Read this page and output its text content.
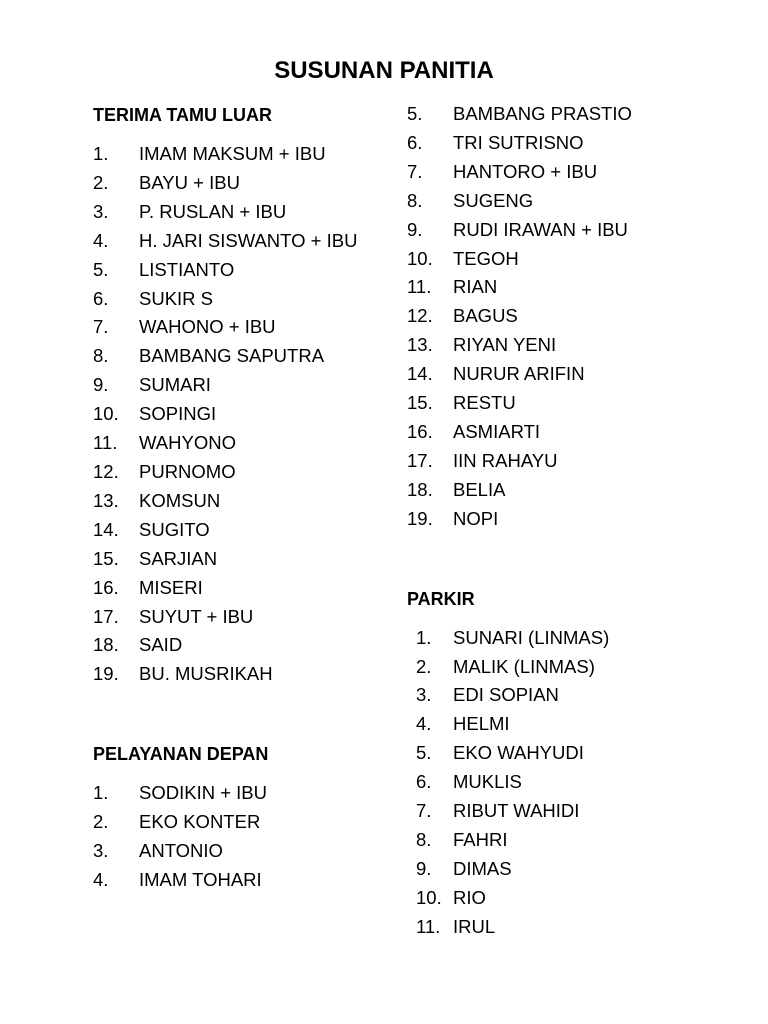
SUSUNAN PANITIA
TERIMA TAMU LUAR
1.	IMAM MAKSUM + IBU
2.	BAYU + IBU
3.	P. RUSLAN + IBU
4.	H. JARI SISWANTO + IBU
5.	LISTIANTO
6.	SUKIR S
7.	WAHONO + IBU
8.	BAMBANG SAPUTRA
9.	SUMARI
10.	SOPINGI
11.	WAHYONO
12.	PURNOMO
13.	KOMSUN
14.	SUGITO
15.	SARJIAN
16.	MISERI
17.	SUYUT + IBU
18.	SAID
19.	BU. MUSRIKAH
PELAYANAN DEPAN
1.	SODIKIN + IBU
2.	EKO KONTER
3.	ANTONIO
4.	IMAM TOHARI
5.	BAMBANG PRASTIO
6.	TRI SUTRISNO
7.	HANTORO + IBU
8.	SUGENG
9.	RUDI IRAWAN + IBU
10.	TEGOH
11.	RIAN
12.	BAGUS
13.	RIYAN YENI
14.	NURUR ARIFIN
15.	RESTU
16.	ASMIARTI
17.	IIN RAHAYU
18.	BELIA
19.	NOPI
PARKIR
1.	SUNARI (LINMAS)
2.	MALIK (LINMAS)
3.	EDI SOPIAN
4.	HELMI
5.	EKO WAHYUDI
6.	MUKLIS
7.	RIBUT WAHIDI
8.	FAHRI
9.	DIMAS
10. RIO
11. IRUL
